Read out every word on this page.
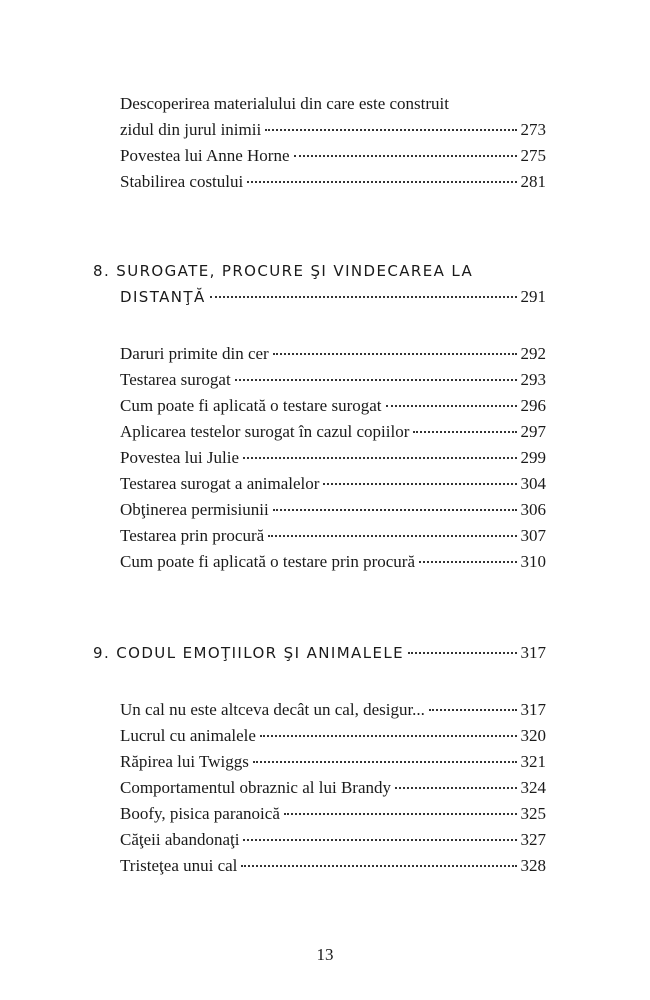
Descoperirea materialului din care este construit
zidul din jurul inimii	273
Povestea lui Anne Horne	275
Stabilirea costului	281
8. SUROGATE, PROCURE ŞI VINDECAREA LA
DISTANŢĂ	291
Daruri primite din cer	292
Testarea surogat	293
Cum poate fi aplicată o testare surogat	296
Aplicarea testelor surogat în cazul copiilor	297
Povestea lui Julie	299
Testarea surogat a animalelor	304
Obţinerea permisiunii	306
Testarea prin procură	307
Cum poate fi aplicată o testare prin procură	310
9. CODUL EMOŢIILOR ŞI ANIMALELE	317
Un cal nu este altceva decât un cal, desigur...	317
Lucrul cu animalele	320
Răpirea lui Twiggs	321
Comportamentul obraznic al lui Brandy	324
Boofy, pisica paranoică	325
Căţeii abandonaţi	327
Tristeţea unui cal	328
13
